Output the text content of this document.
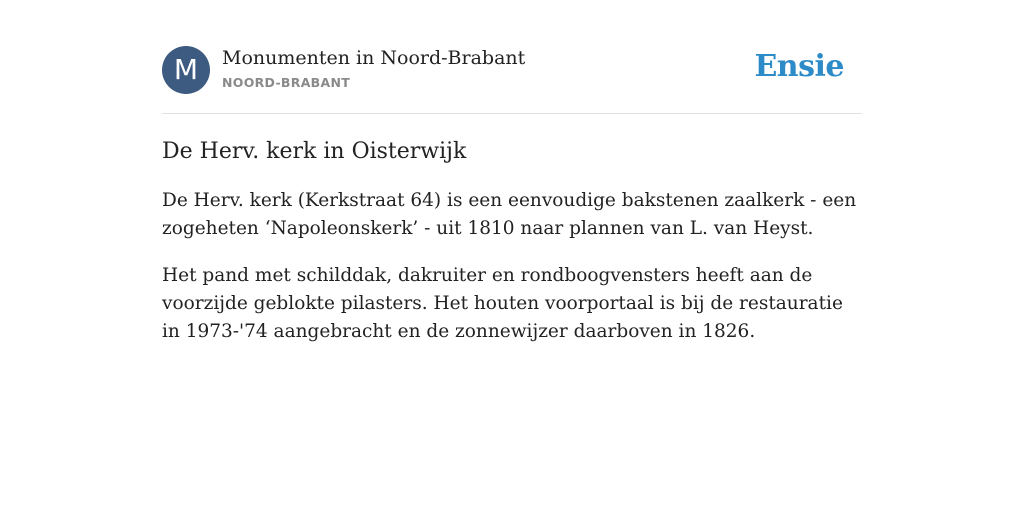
M	Monumenten in Noord-Brabant
NOORD-BRABANT	Ensie
De Herv. kerk in Oisterwijk

De Herv. kerk (Kerkstraat 64) is een eenvoudige bakstenen zaalkerk - een zogeheten ‘Napoleonskerk’ - uit 1810 naar plannen van L. van Heyst.

Het pand met schilddak, dakruiter en rondboogvensters heeft aan de voorzijde geblokte pilasters. Het houten voorportaal is bij de restauratie in 1973-'74 aangebracht en de zonnewijzer daarboven in 1826.
